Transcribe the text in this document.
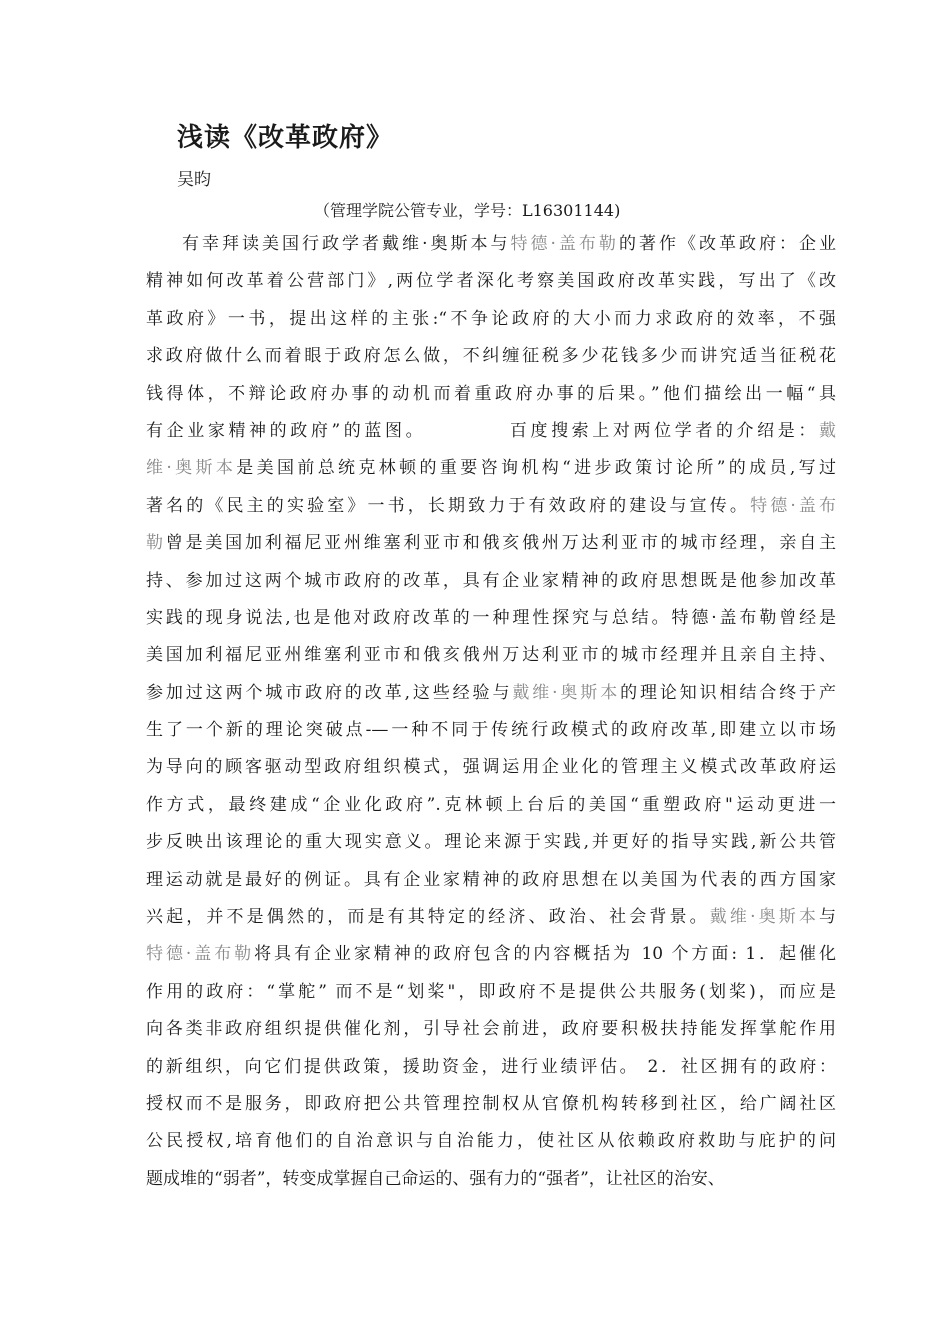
浅读《改革政府》
吴昀
（管理学院公管专业，学号：L16301144)
有幸拜读美国行政学者戴维·奥斯本与特德·盖布勒的著作《改革政府：企业
精神如何改革着公营部门》,两位学者深化考察美国政府改革实践，写出了《改
革政府》一书，提出这样的主张:“不争论政府的大小而力求政府的效率，不强
求政府做什么而着眼于政府怎么做，不纠缠征税多少花钱多少而讲究适当征税花
钱得体，不辩论政府办事的动机而着重政府办事的后果。”他们描绘出一幅“具
有企业家精神的政府”的蓝图。	百度搜索上对两位学者的介绍是：戴
维·奥斯本是美国前总统克林顿的重要咨询机构“进步政策讨论所”的成员,写过
著名的《民主的实验室》一书，长期致力于有效政府的建设与宣传。特德·盖布
勒曾是美国加利福尼亚州维塞利亚市和俄亥俄州万达利亚市的城市经理，亲自主
持、参加过这两个城市政府的改革，具有企业家精神的政府思想既是他参加改革
实践的现身说法,也是他对政府改革的一种理性探究与总结。特德·盖布勒曾经是
美国加利福尼亚州维塞利亚市和俄亥俄州万达利亚市的城市经理并且亲自主持、
参加过这两个城市政府的改革,这些经验与戴维·奥斯本的理论知识相结合终于产
生了一个新的理论突破点-—一种不同于传统行政模式的政府改革,即建立以市场
为导向的顾客驱动型政府组织模式，强调运用企业化的管理主义模式改革政府运
作方式，最终建成“企业化政府”.克林顿上台后的美国“重塑政府"运动更进一
步反映出该理论的重大现实意义。理论来源于实践,并更好的指导实践,新公共管
理运动就是最好的例证。具有企业家精神的政府思想在以美国为代表的西方国家
兴起，并不是偶然的，而是有其特定的经济、政治、社会背景。戴维·奥斯本与
特德·盖布勒将具有企业家精神的政府包含的内容概括为 10 个方面: 1．起催化
作用的政府：“掌舵” 而不是“划桨"，即政府不是提供公共服务(划桨)，而应是
向各类非政府组织提供催化剂，引导社会前进，政府要积极扶持能发挥掌舵作用
的新组织，向它们提供政策，援助资金，进行业绩评估。 2．社区拥有的政府：
授权而不是服务，即政府把公共管理控制权从官僚机构转移到社区，给广阔社区
公民授权,培育他们的自治意识与自治能力，使社区从依赖政府救助与庇护的问
题成堆的“弱者”，转变成掌握自己命运的、强有力的“强者”，让社区的治安、
